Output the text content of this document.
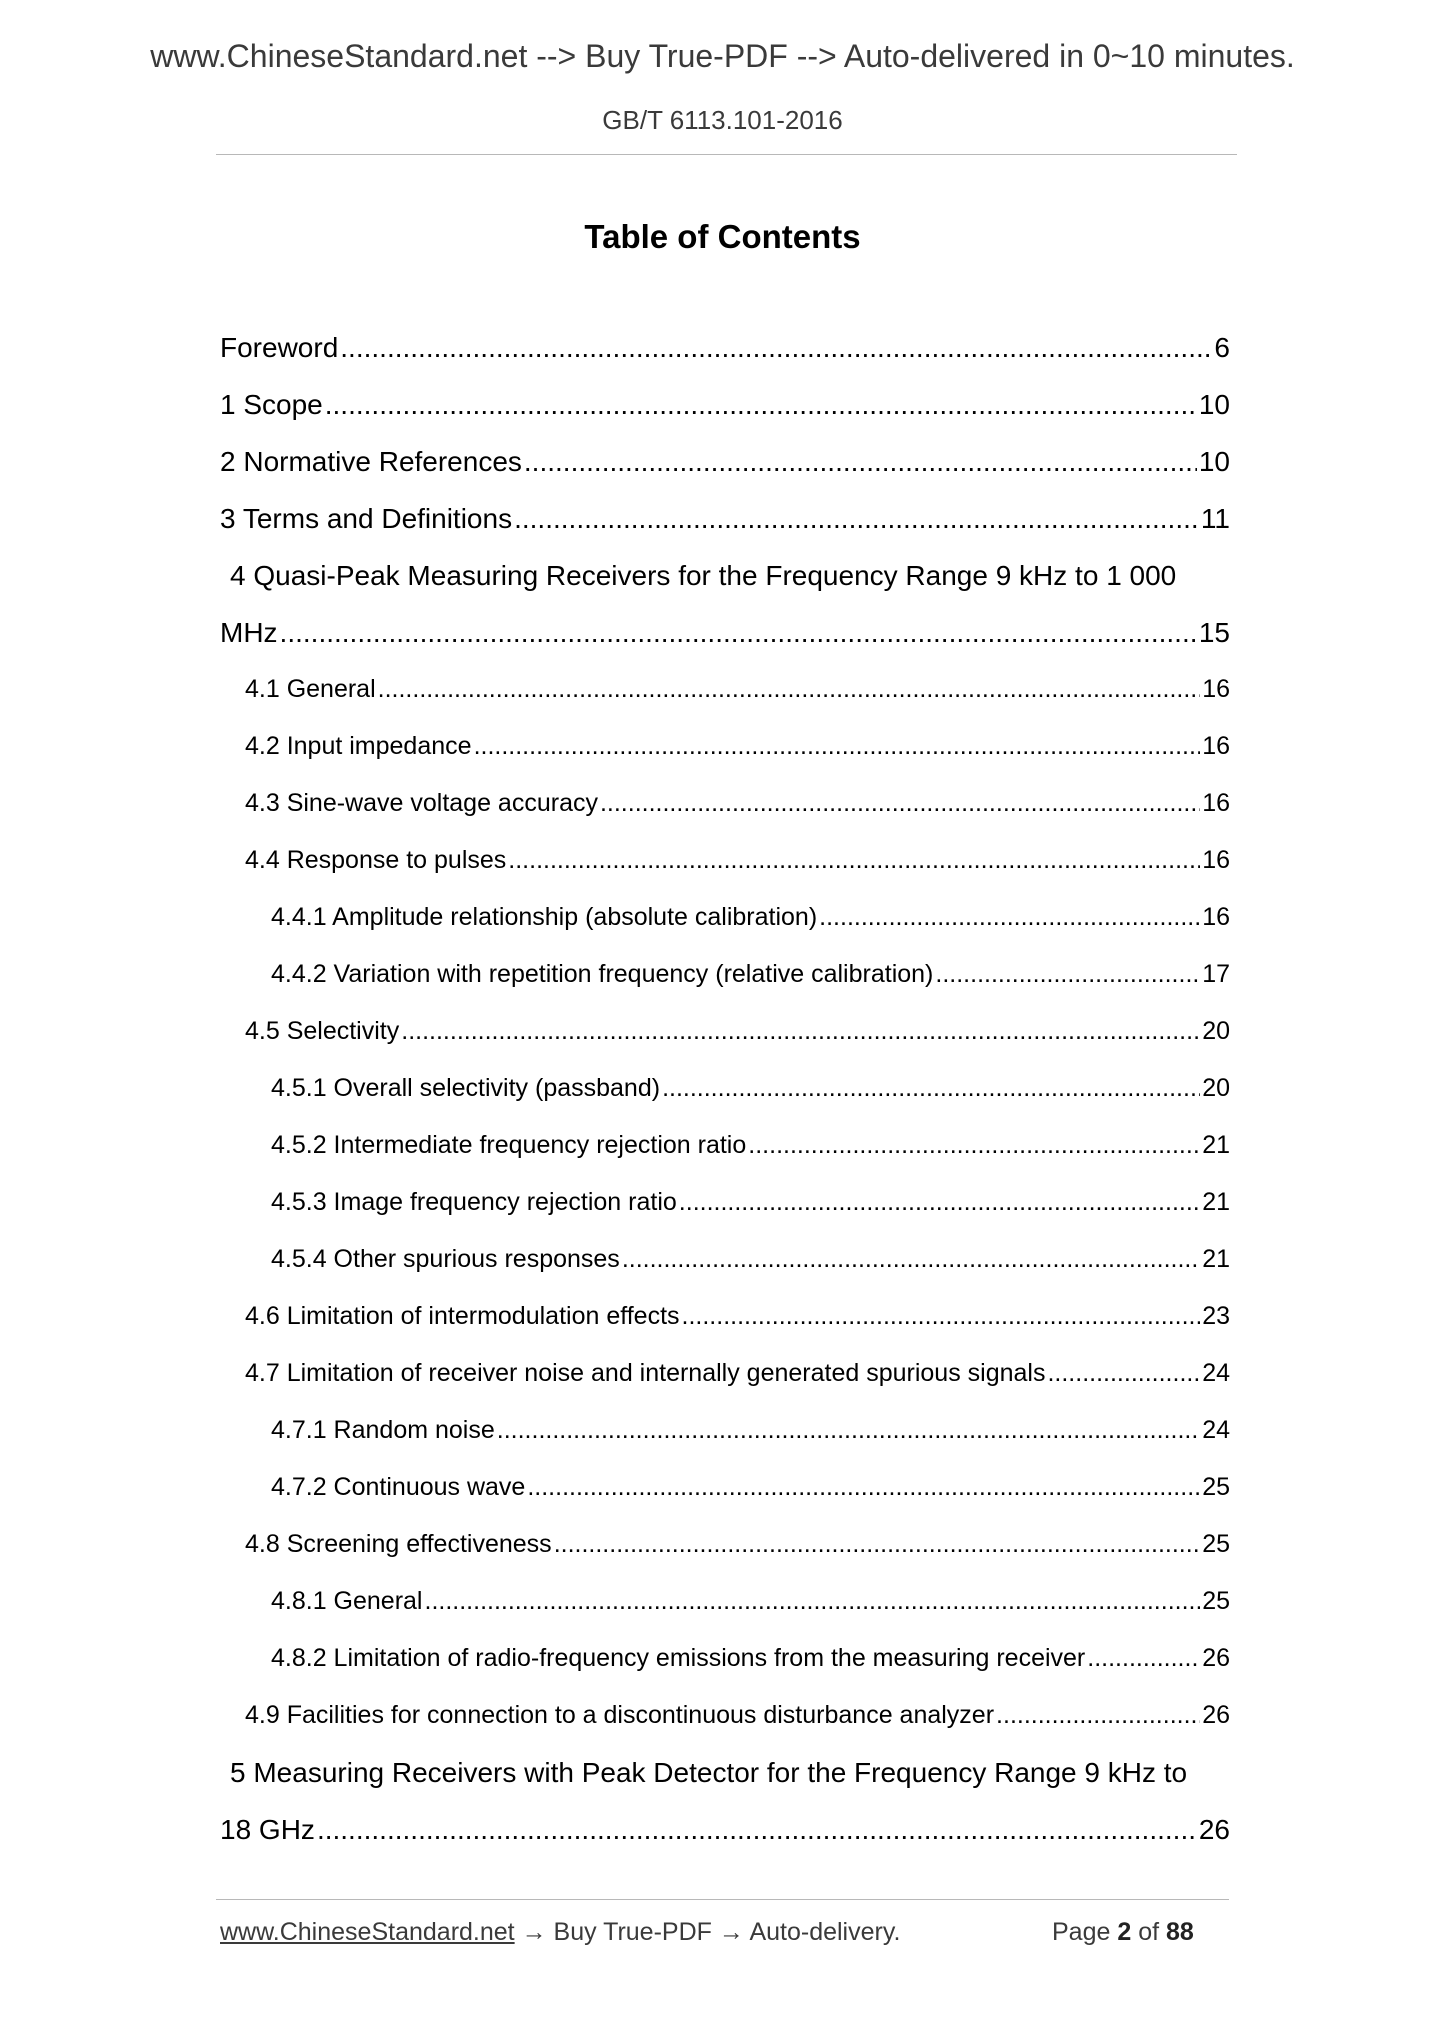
www.ChineseStandard.net --> Buy True-PDF --> Auto-delivered in 0~10 minutes.
GB/T 6113.101-2016
Table of Contents
Foreword .....	6
1 Scope .....	10
2 Normative References .....	10
3 Terms and Definitions .....	11
4 Quasi-Peak Measuring Receivers for the Frequency Range 9 kHz to 1 000
MHz .....	15
4.1 General .....	16
4.2 Input impedance .....	16
4.3 Sine-wave voltage accuracy .....	16
4.4 Response to pulses .....	16
4.4.1 Amplitude relationship (absolute calibration) .....	16
4.4.2 Variation with repetition frequency (relative calibration) .....	17
4.5 Selectivity .....	20
4.5.1 Overall selectivity (passband) .....	20
4.5.2 Intermediate frequency rejection ratio .....	21
4.5.3 Image frequency rejection ratio .....	21
4.5.4 Other spurious responses .....	21
4.6 Limitation of intermodulation effects .....	23
4.7 Limitation of receiver noise and internally generated spurious signals .....	24
4.7.1 Random noise .....	24
4.7.2 Continuous wave .....	25
4.8 Screening effectiveness .....	25
4.8.1 General .....	25
4.8.2 Limitation of radio-frequency emissions from the measuring receiver .....	26
4.9 Facilities for connection to a discontinuous disturbance analyzer .....	26
5 Measuring Receivers with Peak Detector for the Frequency Range 9 kHz to
18 GHz .....	26
www.ChineseStandard.net → Buy True-PDF → Auto-delivery.	Page 2 of 88
